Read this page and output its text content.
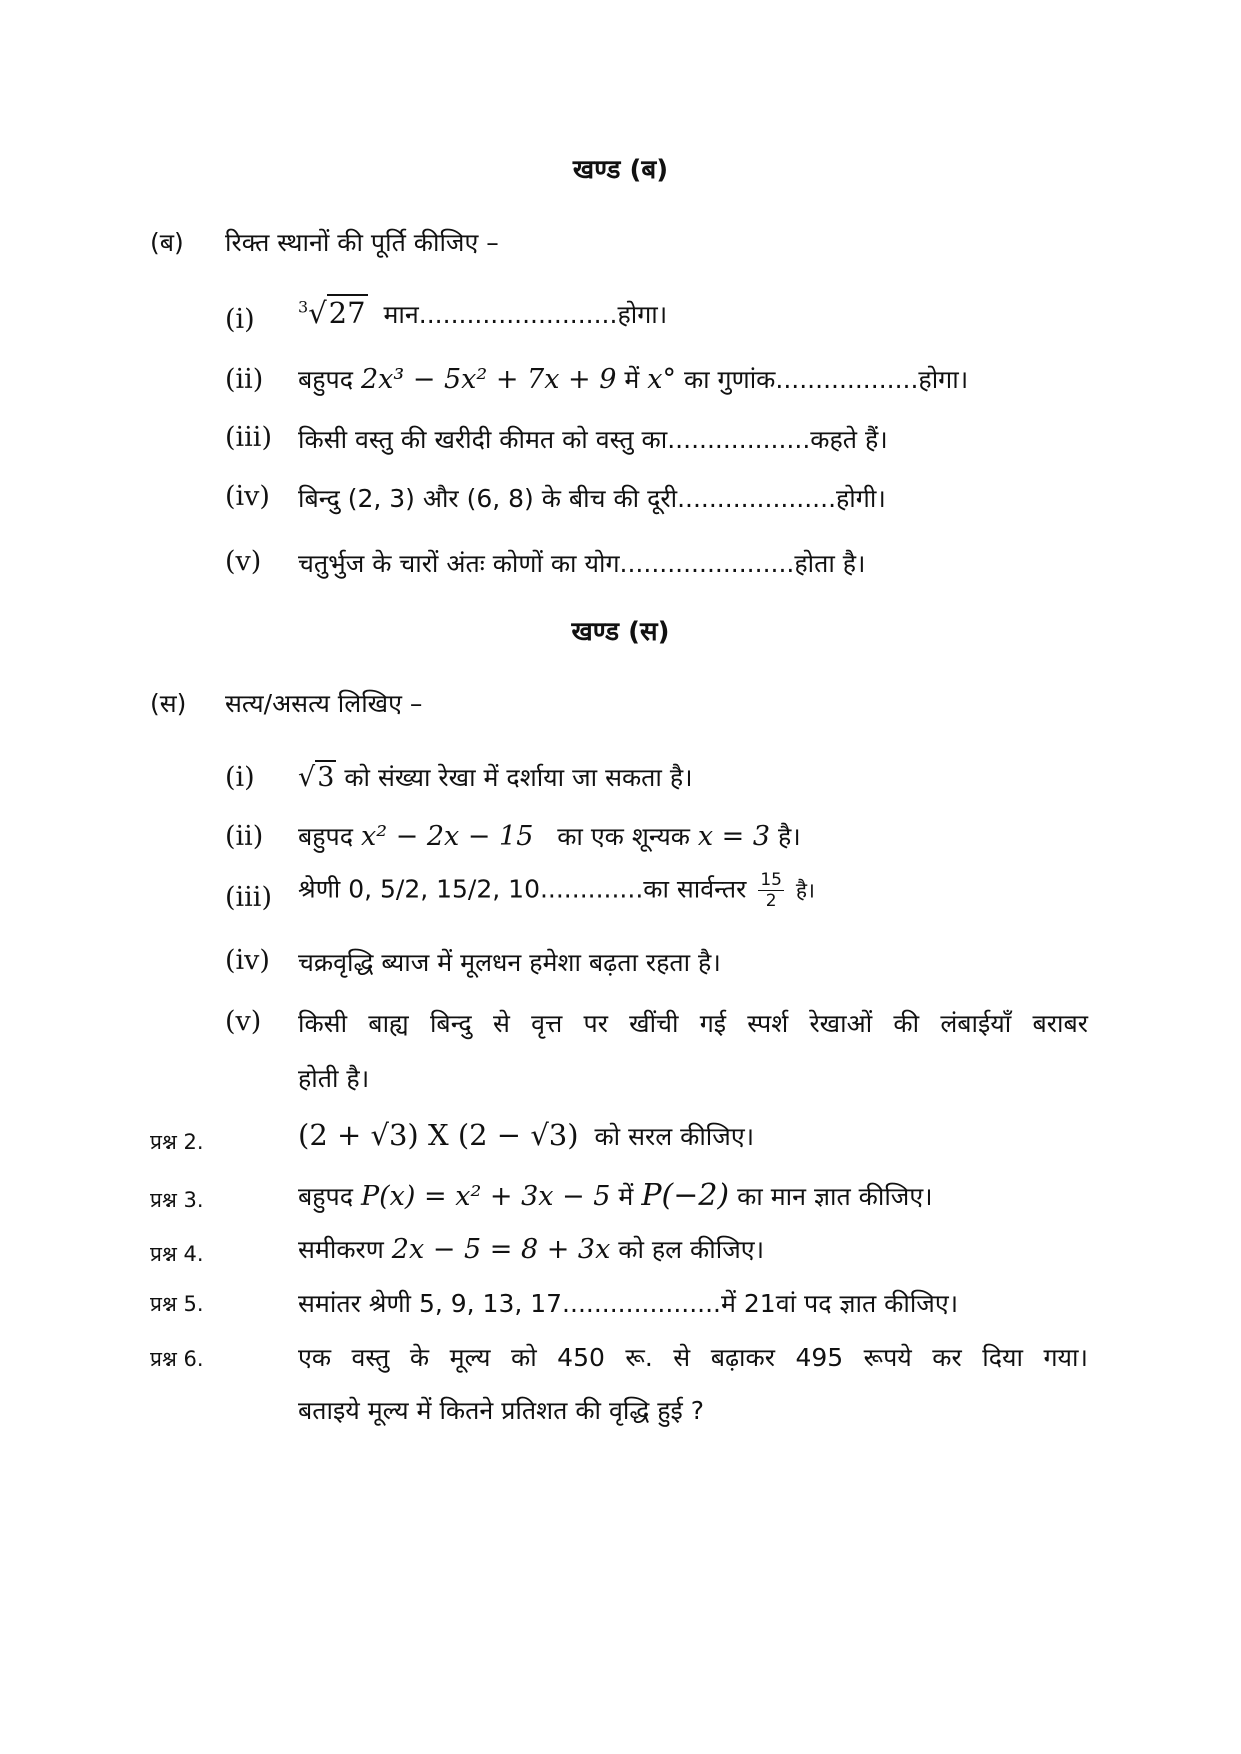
खण्ड (ब)
(ब) रिक्त स्थानों की पूर्ति कीजिए –
(i)	$^3$√27 मान.........................होगा।
(ii) बहुपद 2x³ − 5x² + 7x + 9 में x° का गुणांक..................होगा।
(iii) किसी वस्तु की खरीदी कीमत को वस्तु का..................कहते हैं।
(iv) बिन्दु (2, 3) और (6, 8) के बीच की दूरी....................होगी।
(v) चतुर्भुज के चारों अंतः कोणों का योग......................होता है।
खण्ड (स)
(स) सत्य/असत्य लिखिए –
(i) √3 को संख्या रेखा में दर्शाया जा सकता है।
(ii) बहुपद x² − 2x − 15 का एक शून्यक x = 3 है।
(iii) श्रेणी 0, 5/2, 15/2, 10.............का सार्वन्तर $\frac{15}{2}$ है।
(iv) चक्रवृद्धि ब्याज में मूलधन हमेशा बढ़ता रहता है।
(v) किसी बाह्य बिन्दु से वृत्त पर खींची गई स्पर्श रेखाओं की लंबाईयाँ बराबर
होती है।
प्रश्न 2.	(2 + √3) X (2 − √3) को सरल कीजिए।
प्रश्न 3.	बहुपद P(x) = x² + 3x − 5 में P(−2) का मान ज्ञात कीजिए।
प्रश्न 4.	समीकरण 2x − 5 = 8 + 3x को हल कीजिए।
प्रश्न 5.	समांतर श्रेणी 5, 9, 13, 17....................में 21वां पद ज्ञात कीजिए।
प्रश्न 6.	एक वस्तु के मूल्य को 450 रू. से बढ़ाकर 495 रूपये कर दिया गया।
बताइये मूल्य में कितने प्रतिशत की वृद्धि हुई ?
